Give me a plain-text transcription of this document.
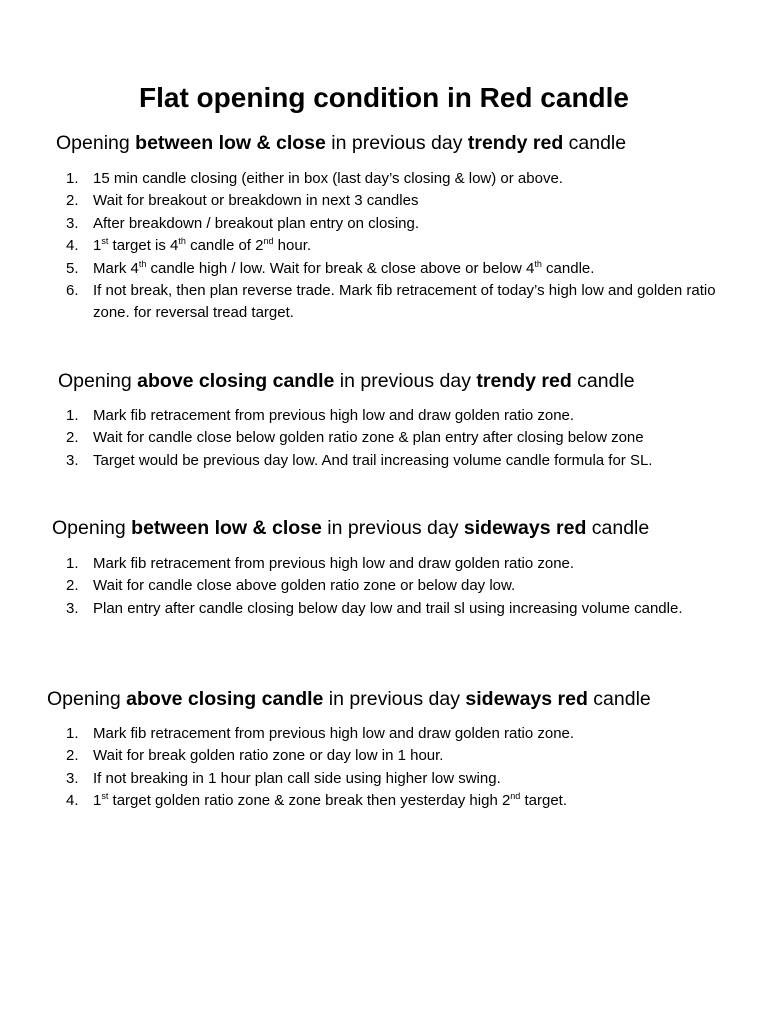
Flat opening condition in Red candle
Opening between low & close in previous day trendy red candle
1. 15 min candle closing (either in box (last day’s closing & low) or above.
2. Wait for breakout or breakdown in next 3 candles
3. After breakdown / breakout plan entry on closing.
4. 1st target is 4th candle of 2nd hour.
5. Mark 4th candle high / low. Wait for break & close above or below 4th candle.
6. If not break, then plan reverse trade. Mark fib retracement of today’s high low and golden ratio zone. for reversal tread target.
Opening above closing candle in previous day trendy red candle
1. Mark fib retracement from previous high low and draw golden ratio zone.
2. Wait for candle close below golden ratio zone & plan entry after closing below zone
3. Target would be previous day low. And trail increasing volume candle formula for SL.
Opening between low & close in previous day sideways red candle
1. Mark fib retracement from previous high low and draw golden ratio zone.
2. Wait for candle close above golden ratio zone or below day low.
3. Plan entry after candle closing below day low and trail sl using increasing volume candle.
Opening above closing candle in previous day sideways red candle
1. Mark fib retracement from previous high low and draw golden ratio zone.
2. Wait for break golden ratio zone or day low in 1 hour.
3. If not breaking in 1 hour plan call side using higher low swing.
4. 1st target golden ratio zone & zone break then yesterday high 2nd target.
